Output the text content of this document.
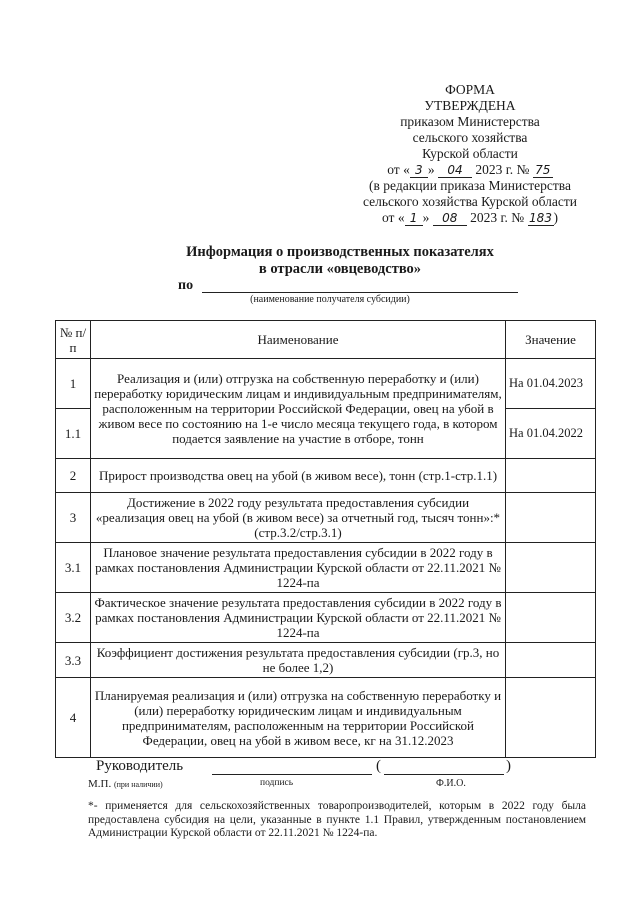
ФОРМА
УТВЕРЖДЕНА
приказом Министерства
сельского хозяйства
Курской области
от « 3 » 04 2023 г. № 75
(в редакции приказа Министерства
сельского хозяйства Курской области
от « 1 » 08 2023 г. № 183 )
Информация о производственных показателях
в отрасли «овцеводство»
по
(наименование получателя субсидии)
№ п/п	Наименование	Значение
1	Реализация и (или) отгрузка на собственную переработку и (или) переработку юридическим лицам и индивидуальным предпринимателям, расположенным на территории Российской Федерации, овец на убой в живом весе по состоянию на 1-е число месяца текущего года, в котором подается заявление на участие в отборе, тонн	На 01.04.2023
1.1		На 01.04.2022
2	Прирост производства овец на убой (в живом весе), тонн (стр.1-стр.1.1)	
3	Достижение в 2022 году результата предоставления субсидии «реализация овец на убой (в живом весе) за отчетный год, тысяч тонн»:* (стр.3.2/стр.3.1)	
3.1	Плановое значение результата предоставления субсидии в 2022 году в рамках постановления Администрации Курской области от 22.11.2021 № 1224-па	
3.2	Фактическое значение результата предоставления субсидии в 2022 году в рамках постановления Администрации Курской области от 22.11.2021 № 1224-па	
3.3	Коэффициент достижения результата предоставления субсидии (гр.3, но не более 1,2)	
4	Планируемая реализация и (или) отгрузка на собственную переработку и (или) переработку юридическим лицам и индивидуальным предпринимателям, расположенным на территории Российской Федерации, овец на убой в живом весе, кг на 31.12.2023	
Руководитель	(	)
М.П. (при наличии)	подпись	Ф.И.О.
*- применяется для сельскохозяйственных товаропроизводителей, которым в 2022 году была предоставлена субсидия на цели, указанные в пункте 1.1 Правил, утвержденным постановлением Администрации Курской области от 22.11.2021 № 1224-па.
